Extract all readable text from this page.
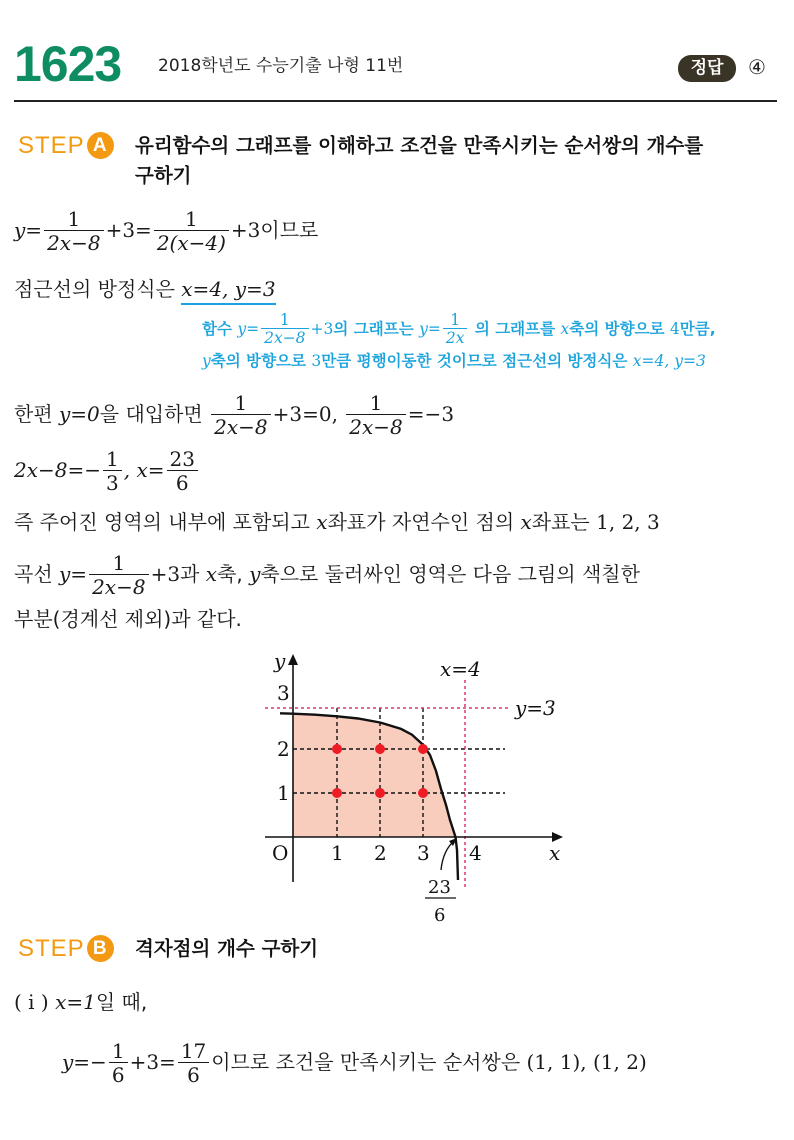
1623 2018학년도 수능기출 나형 11번	정답	④
STEP A	유리함수의 그래프를 이해하고 조건을 만족시키는 순서쌍의 개수를
구하기
$y= \frac{1}{2x-8} +3= \frac{1}{2(x-4)} +3$이므로
점근선의 방정식은 x=4, y=3
함수 $y= \frac{1}{2x-8} +3$의 그래프는 $y= \frac{1}{2x}$ 의 그래프를 x축의 방향으로 4만큼,
y축의 방향으로 3만큼 평행이동한 것이므로 점근선의 방정식은 x=4, y=3
한편 y=0을 대입하면 $\frac{1}{2x-8} +3=0$, $\frac{1}{2x-8} =-3$
$2x-8=- \frac{1}{3}$ , $x= \frac{23}{6}$
즉 주어진 영역의 내부에 포함되고 x좌표가 자연수인 점의 x좌표는 1, 2, 3
곡선 $y= \frac{1}{2x-8} +3$과 x축, y축으로 둘러싸인 영역은 다음 그림의 색칠한
부분(경계선 제외)과 같다.
y
x
O 1 2 3 4
1
2
3
x=4
y=3
23
6
STEP B	격자점의 개수 구하기
( i ) x=1일 때,
$y=- \frac{1}{6} +3= \frac{17}{6}$ 이므로 조건을 만족시키는 순서쌍은 (1, 1), (1, 2)
